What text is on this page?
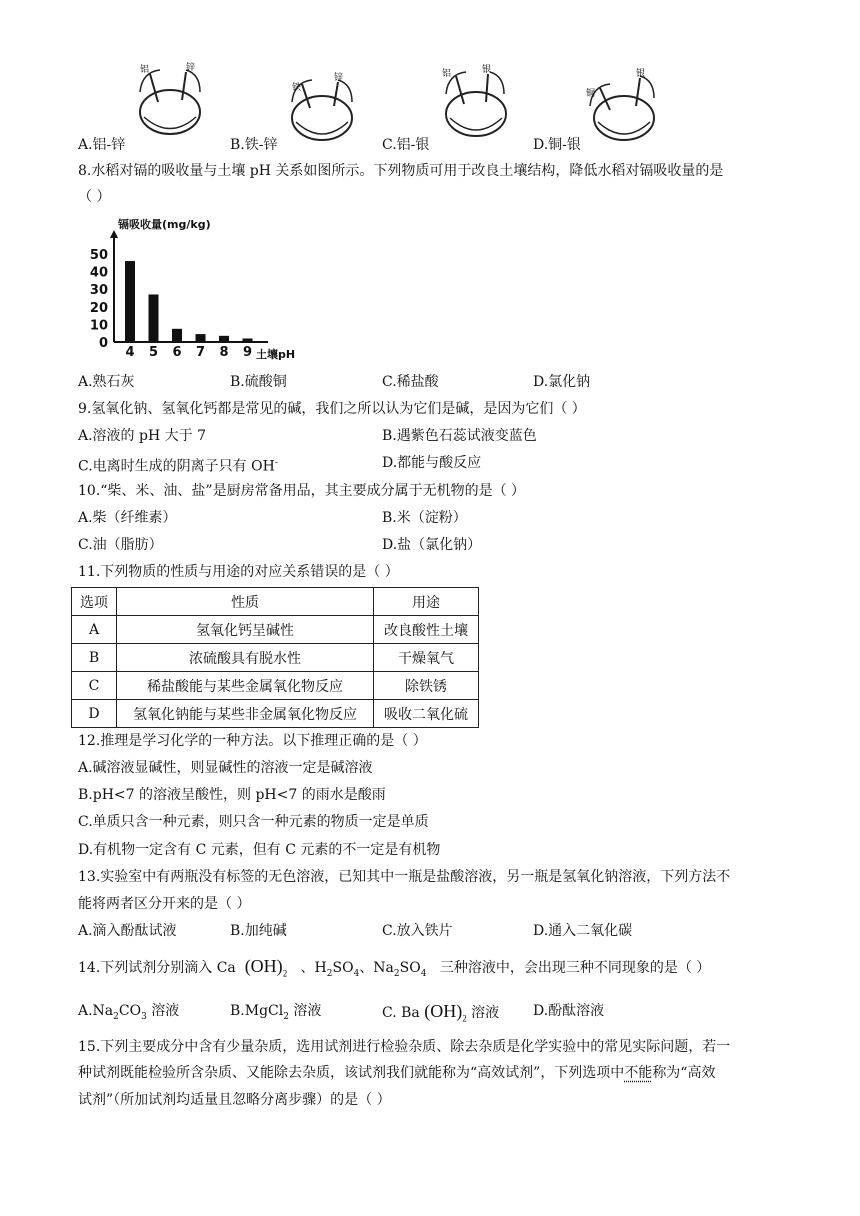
铝	锌
铁
锌	铝	银
铜
银
A.铝-锌	B.铁-锌	C.铝-银	D.铜-银
8.水稻对镉的吸收量与土壤 pH 关系如图所示。下列物质可用于改良土壤结构，降低水稻对镉吸收量的是
（ ）
0
10
20
30
40
50
4 5 6 7 8 9
镉吸收量(mg/kg)
土壤pH
A.熟石灰	B.硫酸铜	C.稀盐酸	D.氯化钠
9.氢氧化钠、氢氧化钙都是常见的碱，我们之所以认为它们是碱，是因为它们（ ）
A.溶液的 pH 大于 7	B.遇紫色石蕊试液变蓝色
C.电离时生成的阴离子只有 OH-	D.都能与酸反应
10.“柴、米、油、盐”是厨房常备用品，其主要成分属于无机物的是（ ）
A.柴（纤维素）	B.米（淀粉）
C.油（脂肪）	D.盐（氯化钠）
11.下列物质的性质与用途的对应关系错误的是（ ）
选项	性质	用途
A	氢氧化钙呈碱性	改良酸性土壤
B	浓硫酸具有脱水性	干燥氧气
C	稀盐酸能与某些金属氧化物反应	除铁锈
D	氢氧化钠能与某些非金属氧化物反应	吸收二氧化硫
12.推理是学习化学的一种方法。以下推理正确的是（ ）
A.碱溶液显碱性，则显碱性的溶液一定是碱溶液
B.pH<7 的溶液呈酸性，则 pH<7 的雨水是酸雨
C.单质只含一种元素，则只含一种元素的物质一定是单质
D.有机物一定含有 C 元素，但有 C 元素的不一定是有机物
13.实验室中有两瓶没有标签的无色溶液，已知其中一瓶是盐酸溶液，另一瓶是氢氧化钠溶液，下列方法不
能将两者区分开来的是（ ）
A.滴入酚酞试液	B.加纯碱	C.放入铁片	D.通入二氧化碳
14.下列试剂分别滴入 Ca $(OH)_2$ 、$H_2SO_4$、$Na_2SO_4$ 三种溶液中，会出现三种不同现象的是（ ）
$A.Na_2CO_3$ 溶液	B.MgCl$_2$ 溶液	C. Ba $(OH)_2$ 溶液 D.酚酞溶液
15.下列主要成分中含有少量杂质，选用试剂进行检验杂质、除去杂质是化学实验中的常见实际问题，若一
种试剂既能检验所含杂质、又能除去杂质，该试剂我们就能称为“高效试剂”，下列选项中不能称为“高效
试剂”（所加试剂均适量且忽略分离步骤）的是（ ）
